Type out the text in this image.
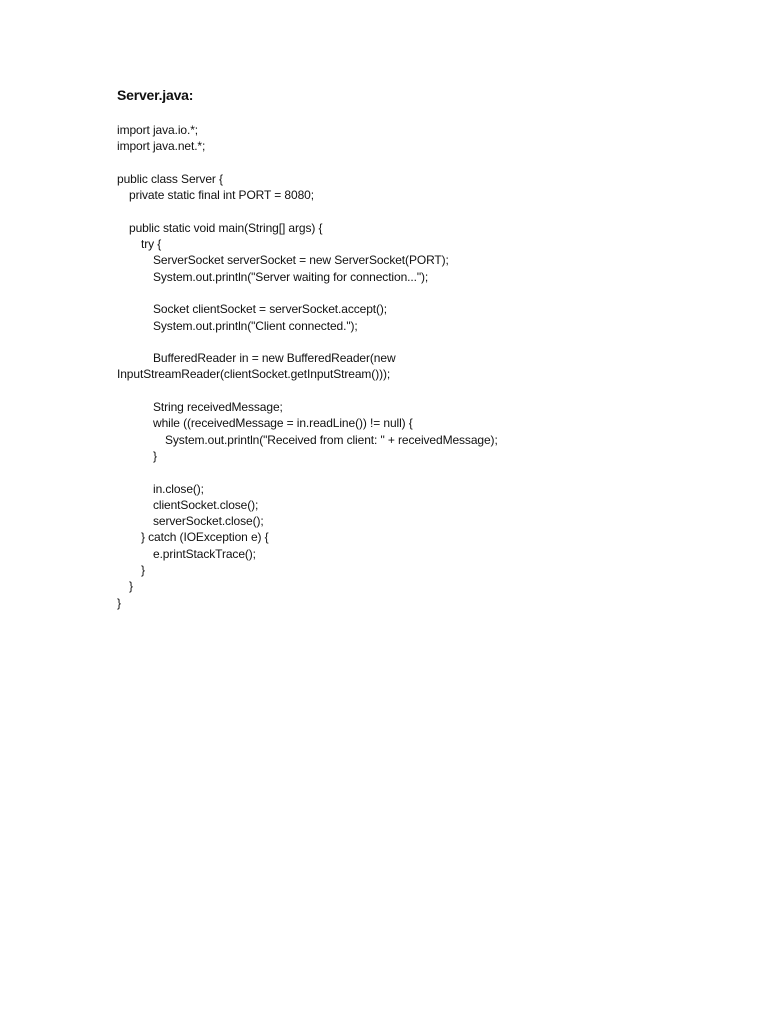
Server.java:
import java.io.*;
import java.net.*;
public class Server {
private static final int PORT = 8080;
public static void main(String[] args) {
try {
ServerSocket serverSocket = new ServerSocket(PORT);
System.out.println("Server waiting for connection...");
Socket clientSocket = serverSocket.accept();
System.out.println("Client connected.");
BufferedReader in = new BufferedReader(new
InputStreamReader(clientSocket.getInputStream()));
String receivedMessage;
while ((receivedMessage = in.readLine()) != null) {
System.out.println("Received from client: " + receivedMessage);
}
in.close();
clientSocket.close();
serverSocket.close();
} catch (IOException e) {
e.printStackTrace();
}
}
}
